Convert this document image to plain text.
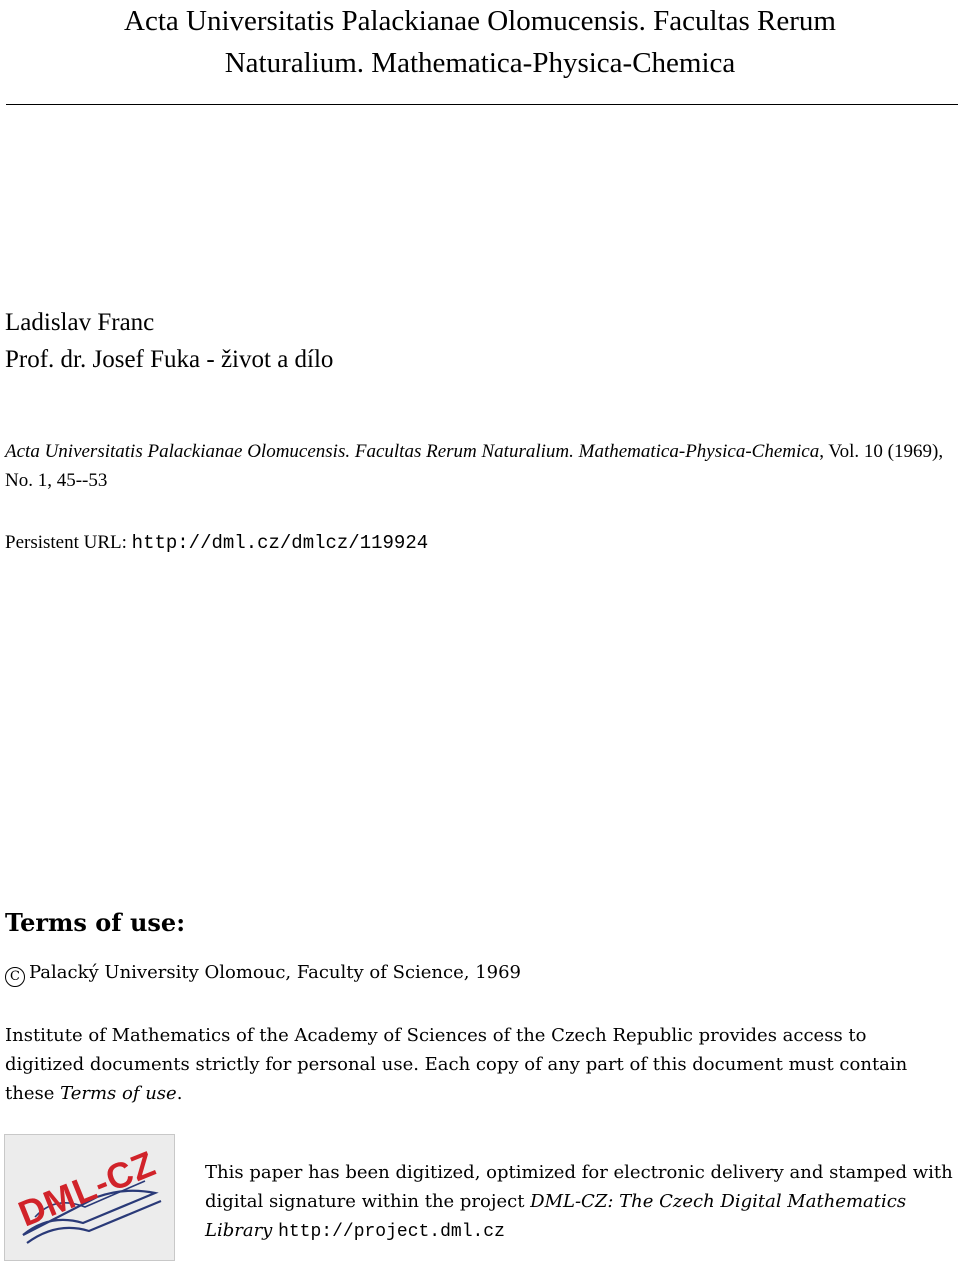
Acta Universitatis Palackianae Olomucensis. Facultas Rerum
Naturalium. Mathematica-Physica-Chemica
Ladislav Franc
Prof. dr. Josef Fuka - život a dílo
Acta Universitatis Palackianae Olomucensis. Facultas Rerum Naturalium. Mathematica-Physica-Chemica, Vol. 10 (1969), No. 1, 45--53
Persistent URL: http://dml.cz/dmlcz/119924
Terms of use:
C Palacký University Olomouc, Faculty of Science, 1969
Institute of Mathematics of the Academy of Sciences of the Czech Republic provides access to digitized documents strictly for personal use. Each copy of any part of this document must contain these Terms of use.
DML-CZ This paper has been digitized, optimized for electronic delivery and stamped with digital signature within the project DML-CZ: The Czech Digital Mathematics Library http://project.dml.cz
